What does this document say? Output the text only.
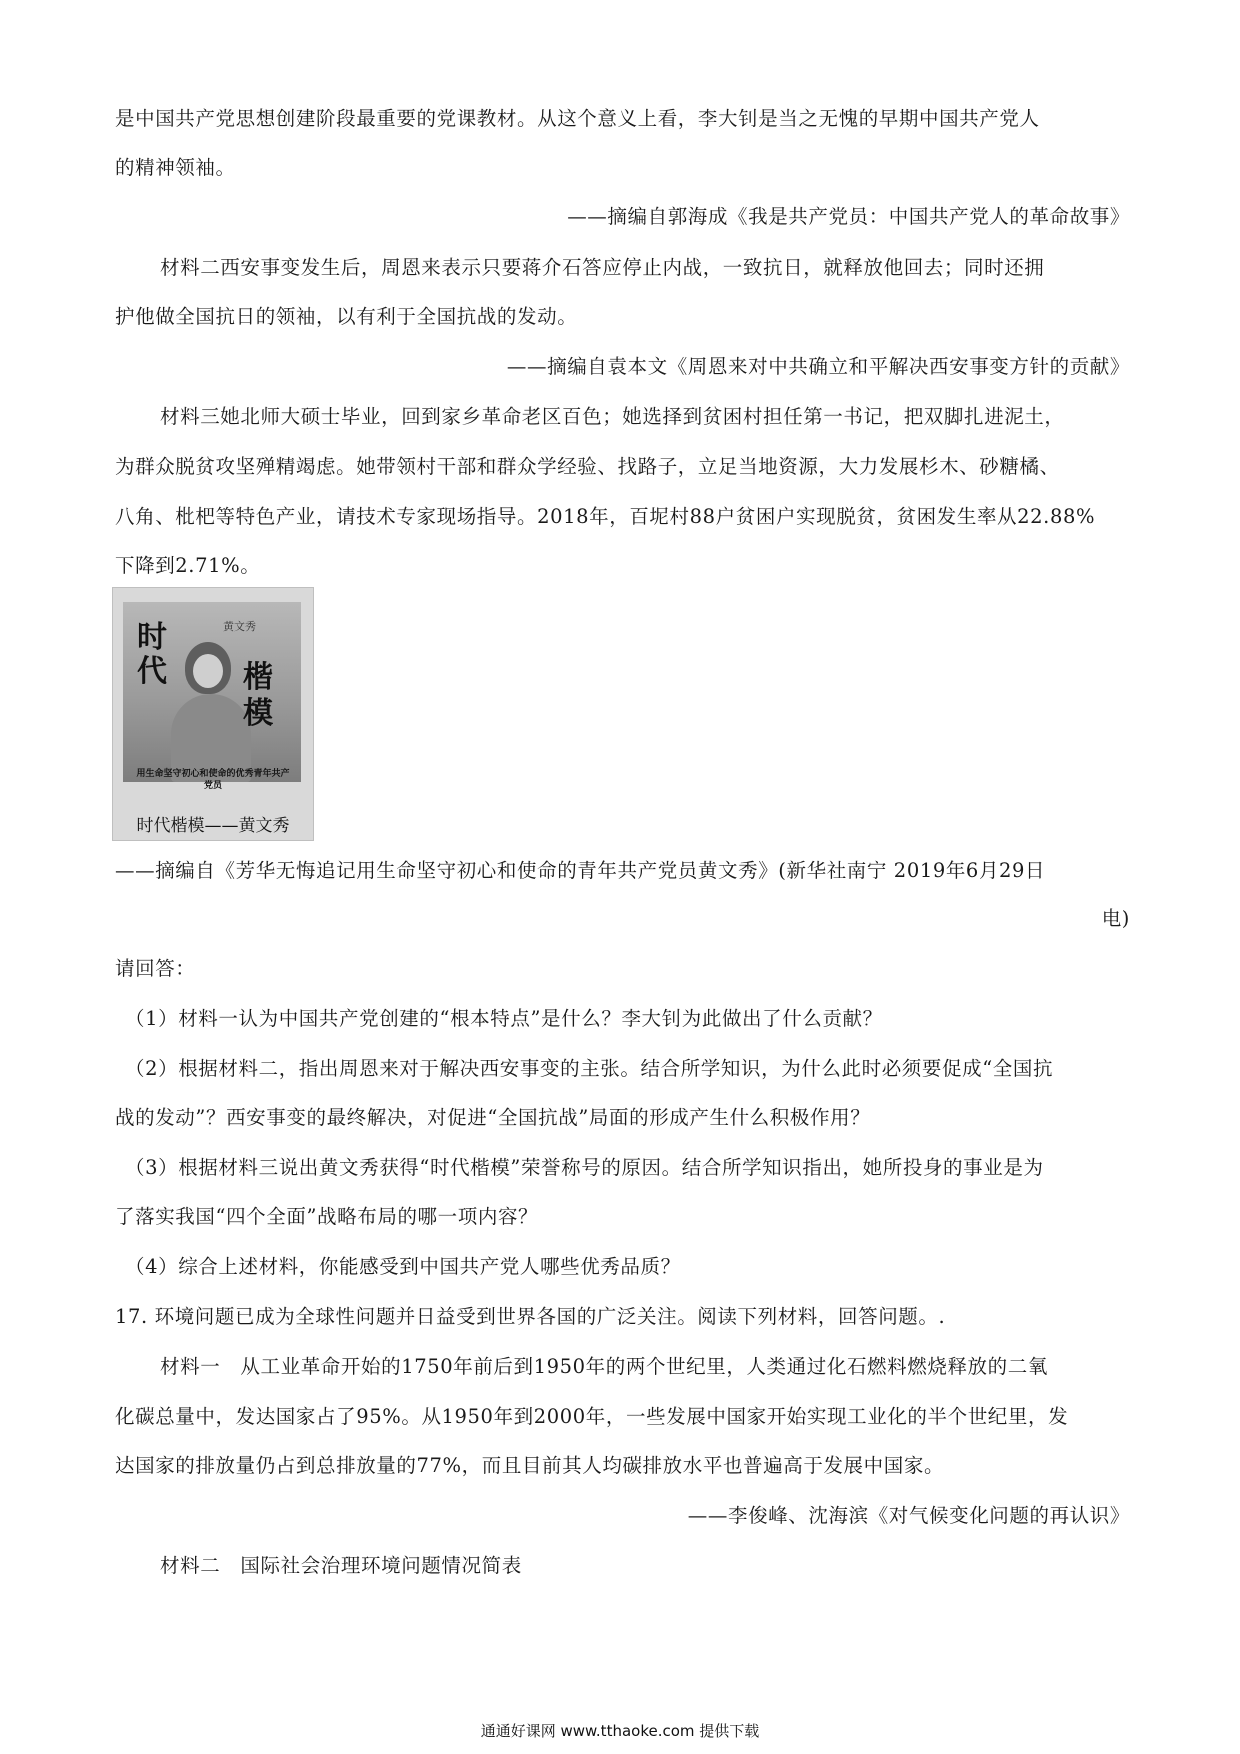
是中国共产党思想创建阶段最重要的党课教材。从这个意义上看，李大钊是当之无愧的早期中国共产党人
的精神领袖。
——摘编自郭海成《我是共产党员：中国共产党人的革命故事》
材料二西安事变发生后，周恩来表示只要蒋介石答应停止内战，一致抗日，就释放他回去；同时还拥
护他做全国抗日的领袖，以有利于全国抗战的发动。
——摘编自袁本文《周恩来对中共确立和平解决西安事变方针的贡献》
材料三她北师大硕士毕业，回到家乡革命老区百色；她选择到贫困村担任第一书记，把双脚扎进泥土，
为群众脱贫攻坚殚精竭虑。她带领村干部和群众学经验、找路子，立足当地资源，大力发展杉木、砂糖橘、
八角、枇杷等特色产业，请技术专家现场指导。2018年，百坭村88户贫困户实现脱贫，贫困发生率从22.88%
下降到2.71%。
黄文秀
时
代	楷
模
用生命坚守初心和使命的优秀青年共产党员
时代楷模——黄文秀
——摘编自《芳华无悔追记用生命坚守初心和使命的青年共产党员黄文秀》(新华社南宁 2019年6月29日
电)
请回答：
（1）材料一认为中国共产党创建的“根本特点”是什么？李大钊为此做出了什么贡献？
（2）根据材料二，指出周恩来对于解决西安事变的主张。结合所学知识，为什么此时必须要促成“全国抗
战的发动”？西安事变的最终解决，对促进“全国抗战”局面的形成产生什么积极作用？
（3）根据材料三说出黄文秀获得“时代楷模”荣誉称号的原因。结合所学知识指出，她所投身的事业是为
了落实我国“四个全面”战略布局的哪一项内容？
（4）综合上述材料，你能感受到中国共产党人哪些优秀品质？
17. 环境问题已成为全球性问题并日益受到世界各国的广泛关注。阅读下列材料，回答问题。.
材料一　从工业革命开始的1750年前后到1950年的两个世纪里，人类通过化石燃料燃烧释放的二氧
化碳总量中，发达国家占了95%。从1950年到2000年，一些发展中国家开始实现工业化的半个世纪里，发
达国家的排放量仍占到总排放量的77%，而且目前其人均碳排放水平也普遍高于发展中国家。
——李俊峰、沈海滨《对气候变化问题的再认识》
材料二　国际社会治理环境问题情况简表
通通好课网 www.tthaoke.com 提供下载
